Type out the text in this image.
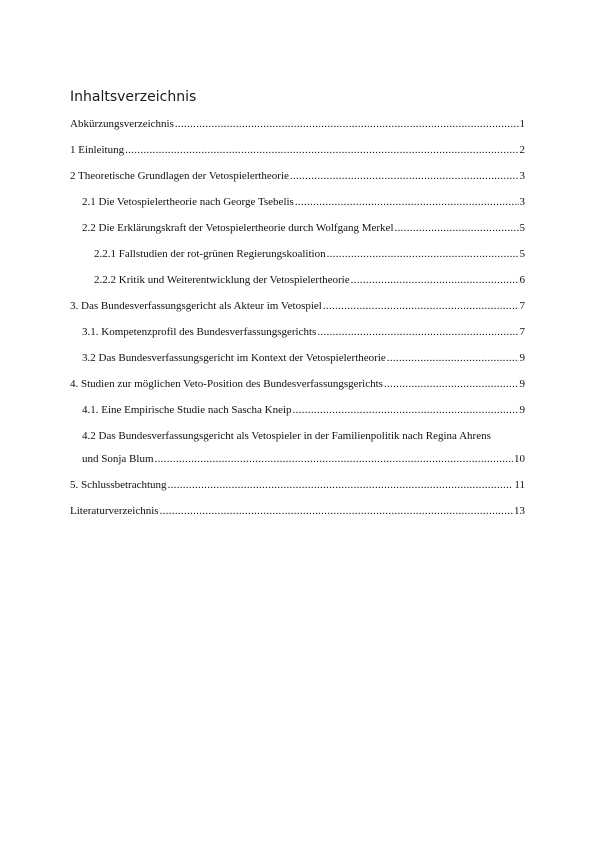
Inhaltsverzeichnis
Abkürzungsverzeichnis .....	1
1 Einleitung .....	2
2 Theoretische Grundlagen der Vetospielertheorie .....	3
2.1 Die Vetospielertheorie nach George Tsebelis .....	3
2.2 Die Erklärungskraft der Vetospielertheorie durch Wolfgang Merkel .....	5
2.2.1 Fallstudien der rot-grünen Regierungskoalition .....	5
2.2.2 Kritik und Weiterentwicklung der Vetospielertheorie .....	6
3. Das Bundesverfassungsgericht als Akteur im Vetospiel .....	7
3.1. Kompetenzprofil des Bundesverfassungsgerichts .....	7
3.2 Das Bundesverfassungsgericht im Kontext der Vetospielertheorie .....	9
4. Studien zur möglichen Veto-Position des Bundesverfassungsgerichts .....	9
4.1. Eine Empirische Studie nach Sascha Kneip .....	9
4.2 Das Bundesverfassungsgericht als Vetospieler in der Familienpolitik nach Regina Ahrens
und Sonja Blum .....	10
5. Schlussbetrachtung .....	11
Literaturverzeichnis .....	13
